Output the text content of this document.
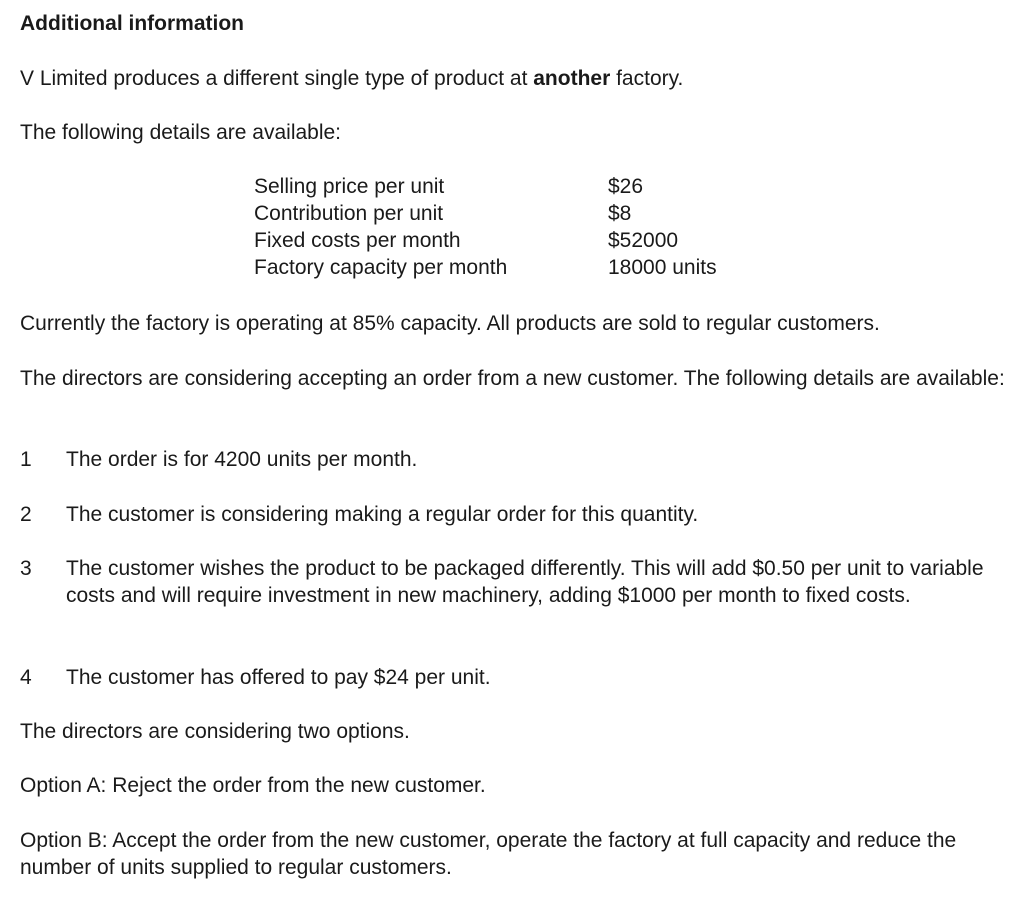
Additional information
V Limited produces a different single type of product at another factory.
The following details are available:
Selling price per unit	$26
Contribution per unit	$8
Fixed costs per month	$52000
Factory capacity per month	18000 units
Currently the factory is operating at 85% capacity. All products are sold to regular customers.
The directors are considering accepting an order from a new customer. The following details are available:
1	The order is for 4200 units per month.
2	The customer is considering making a regular order for this quantity.
3	The customer wishes the product to be packaged differently. This will add $0.50 per unit to variable costs and will require investment in new machinery, adding $1000 per month to fixed costs.
4	The customer has offered to pay $24 per unit.
The directors are considering two options.
Option A: Reject the order from the new customer.
Option B: Accept the order from the new customer, operate the factory at full capacity and reduce the number of units supplied to regular customers.
